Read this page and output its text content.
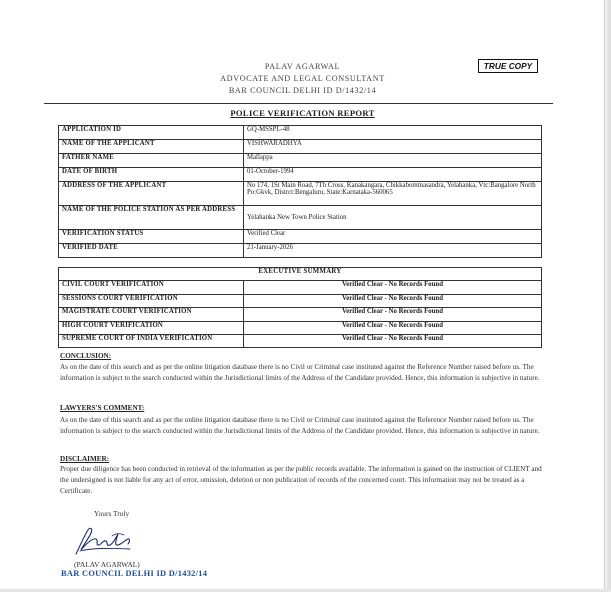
PALAV AGARWAL
ADVOCATE AND LEGAL CONSULTANT
BAR COUNCIL DELHI ID D/1432/14
TRUE COPY
POLICE VERIFICATION REPORT
APPLICATION ID	GQ-MSSPL-48
NAME OF THE APPLICANT	VISHWARADHYA
FATHER NAME	Mallappa
DATE OF BIRTH	01-October-1994
ADDRESS OF THE APPLICANT	No 174, 1St Main Road, 7Th Cross, Kanakangara, Chikkabommasandra, Yelahanka, Vtc:Bangalore North Po:Gkvk, Distrct:Bengaluru, State:Karnataka-560065
NAME OF THE POLICE STATION AS PER ADDRESS	Yelahanka New Town Police Station
VERIFICATION STATUS	Verified Clear
VERIFIED DATE	21-January-2026
EXECUTIVE SUMMARY	
CIVIL COURT VERIFICATION	Verified Clear - No Records Found
SESSIONS COURT VERIFICATION	Verified Clear - No Records Found
MAGISTRATE COURT VERIFICATION	Verified Clear - No Records Found
HIGH COURT VERIFICATION	Verified Clear - No Records Found
SUPREME COURT OF INDIA VERIFICATION	Verified Clear - No Records Found
CONCLUSION:
As on the date of this search and as per the online litigation database there is no Civil or Criminal case instituted against the Reference Number raised before us. The information is subject to the search conducted within the Jurisdictional limits of the Address of the Candidate provided. Hence, this information is subjective in nature.
LAWYERS'S COMMENT:
As on the date of this search and as per the online litigation database there is no Civil or Criminal case instituted against the Reference Number raised before us. The information is subject to the search conducted within the Jurisdictional limits of the Address of the Candidate provided. Hence, this information is subjective in nature.
DISCLAIMER:
Proper due diligence has been conducted in retrieval of the information as per the public records available. The information is gained on the instruction of CLIENT and the undersigned is not liable for any act of error, omission, deletion or non publication of records of the concerned court. This information may not be treated as a Certificate.
Yours Truly
(PALAV AGARWAL)
BAR COUNCIL DELHI ID D/1432/14
